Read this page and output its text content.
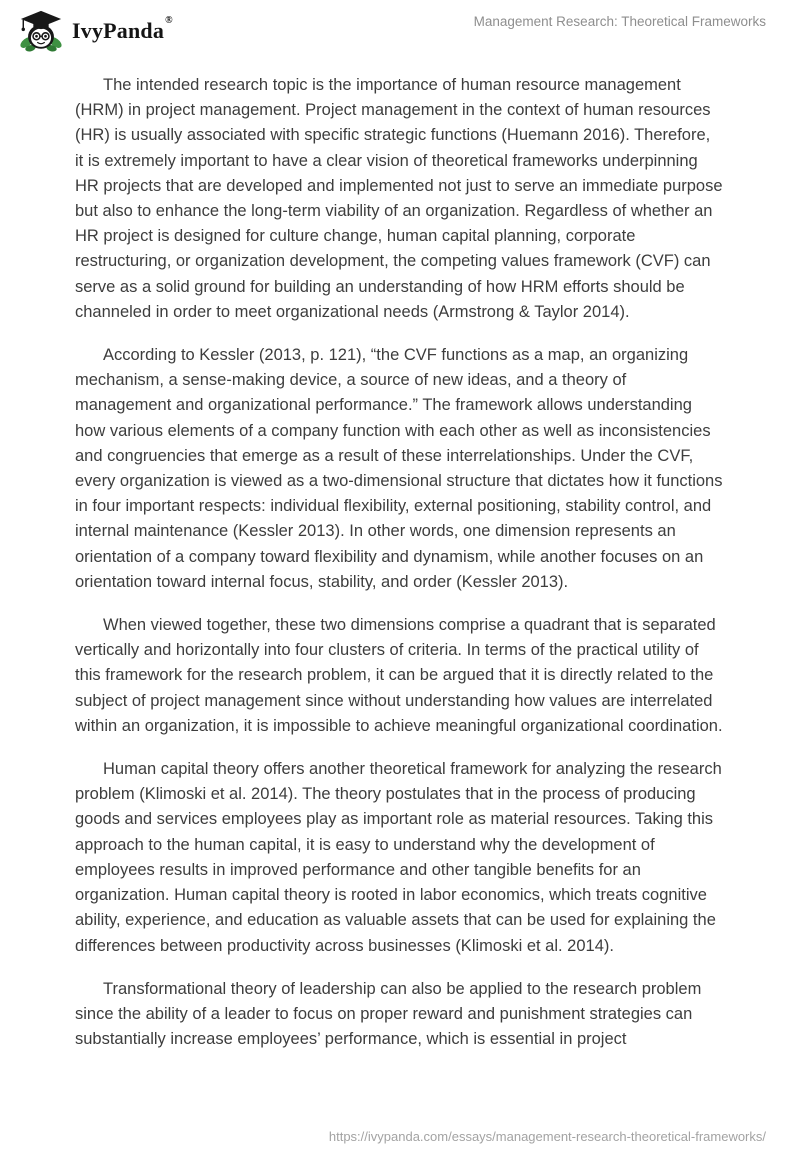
IvyPanda®	Management Research: Theoretical Frameworks

The intended research topic is the importance of human resource management (HRM) in project management. Project management in the context of human resources (HR) is usually associated with specific strategic functions (Huemann 2016). Therefore, it is extremely important to have a clear vision of theoretical frameworks underpinning HR projects that are developed and implemented not just to serve an immediate purpose but also to enhance the long-term viability of an organization. Regardless of whether an HR project is designed for culture change, human capital planning, corporate restructuring, or organization development, the competing values framework (CVF) can serve as a solid ground for building an understanding of how HRM efforts should be channeled in order to meet organizational needs (Armstrong & Taylor 2014).

According to Kessler (2013, p. 121), “the CVF functions as a map, an organizing mechanism, a sense-making device, a source of new ideas, and a theory of management and organizational performance.” The framework allows understanding how various elements of a company function with each other as well as inconsistencies and congruencies that emerge as a result of these interrelationships. Under the CVF, every organization is viewed as a two-dimensional structure that dictates how it functions in four important respects: individual flexibility, external positioning, stability control, and internal maintenance (Kessler 2013). In other words, one dimension represents an orientation of a company toward flexibility and dynamism, while another focuses on an orientation toward internal focus, stability, and order (Kessler 2013).

When viewed together, these two dimensions comprise a quadrant that is separated vertically and horizontally into four clusters of criteria. In terms of the practical utility of this framework for the research problem, it can be argued that it is directly related to the subject of project management since without understanding how values are interrelated within an organization, it is impossible to achieve meaningful organizational coordination.

Human capital theory offers another theoretical framework for analyzing the research problem (Klimoski et al. 2014). The theory postulates that in the process of producing goods and services employees play as important role as material resources. Taking this approach to the human capital, it is easy to understand why the development of employees results in improved performance and other tangible benefits for an organization. Human capital theory is rooted in labor economics, which treats cognitive ability, experience, and education as valuable assets that can be used for explaining the differences between productivity across businesses (Klimoski et al. 2014).

Transformational theory of leadership can also be applied to the research problem since the ability of a leader to focus on proper reward and punishment strategies can substantially increase employees’ performance, which is essential in project

https://ivypanda.com/essays/management-research-theoretical-frameworks/
